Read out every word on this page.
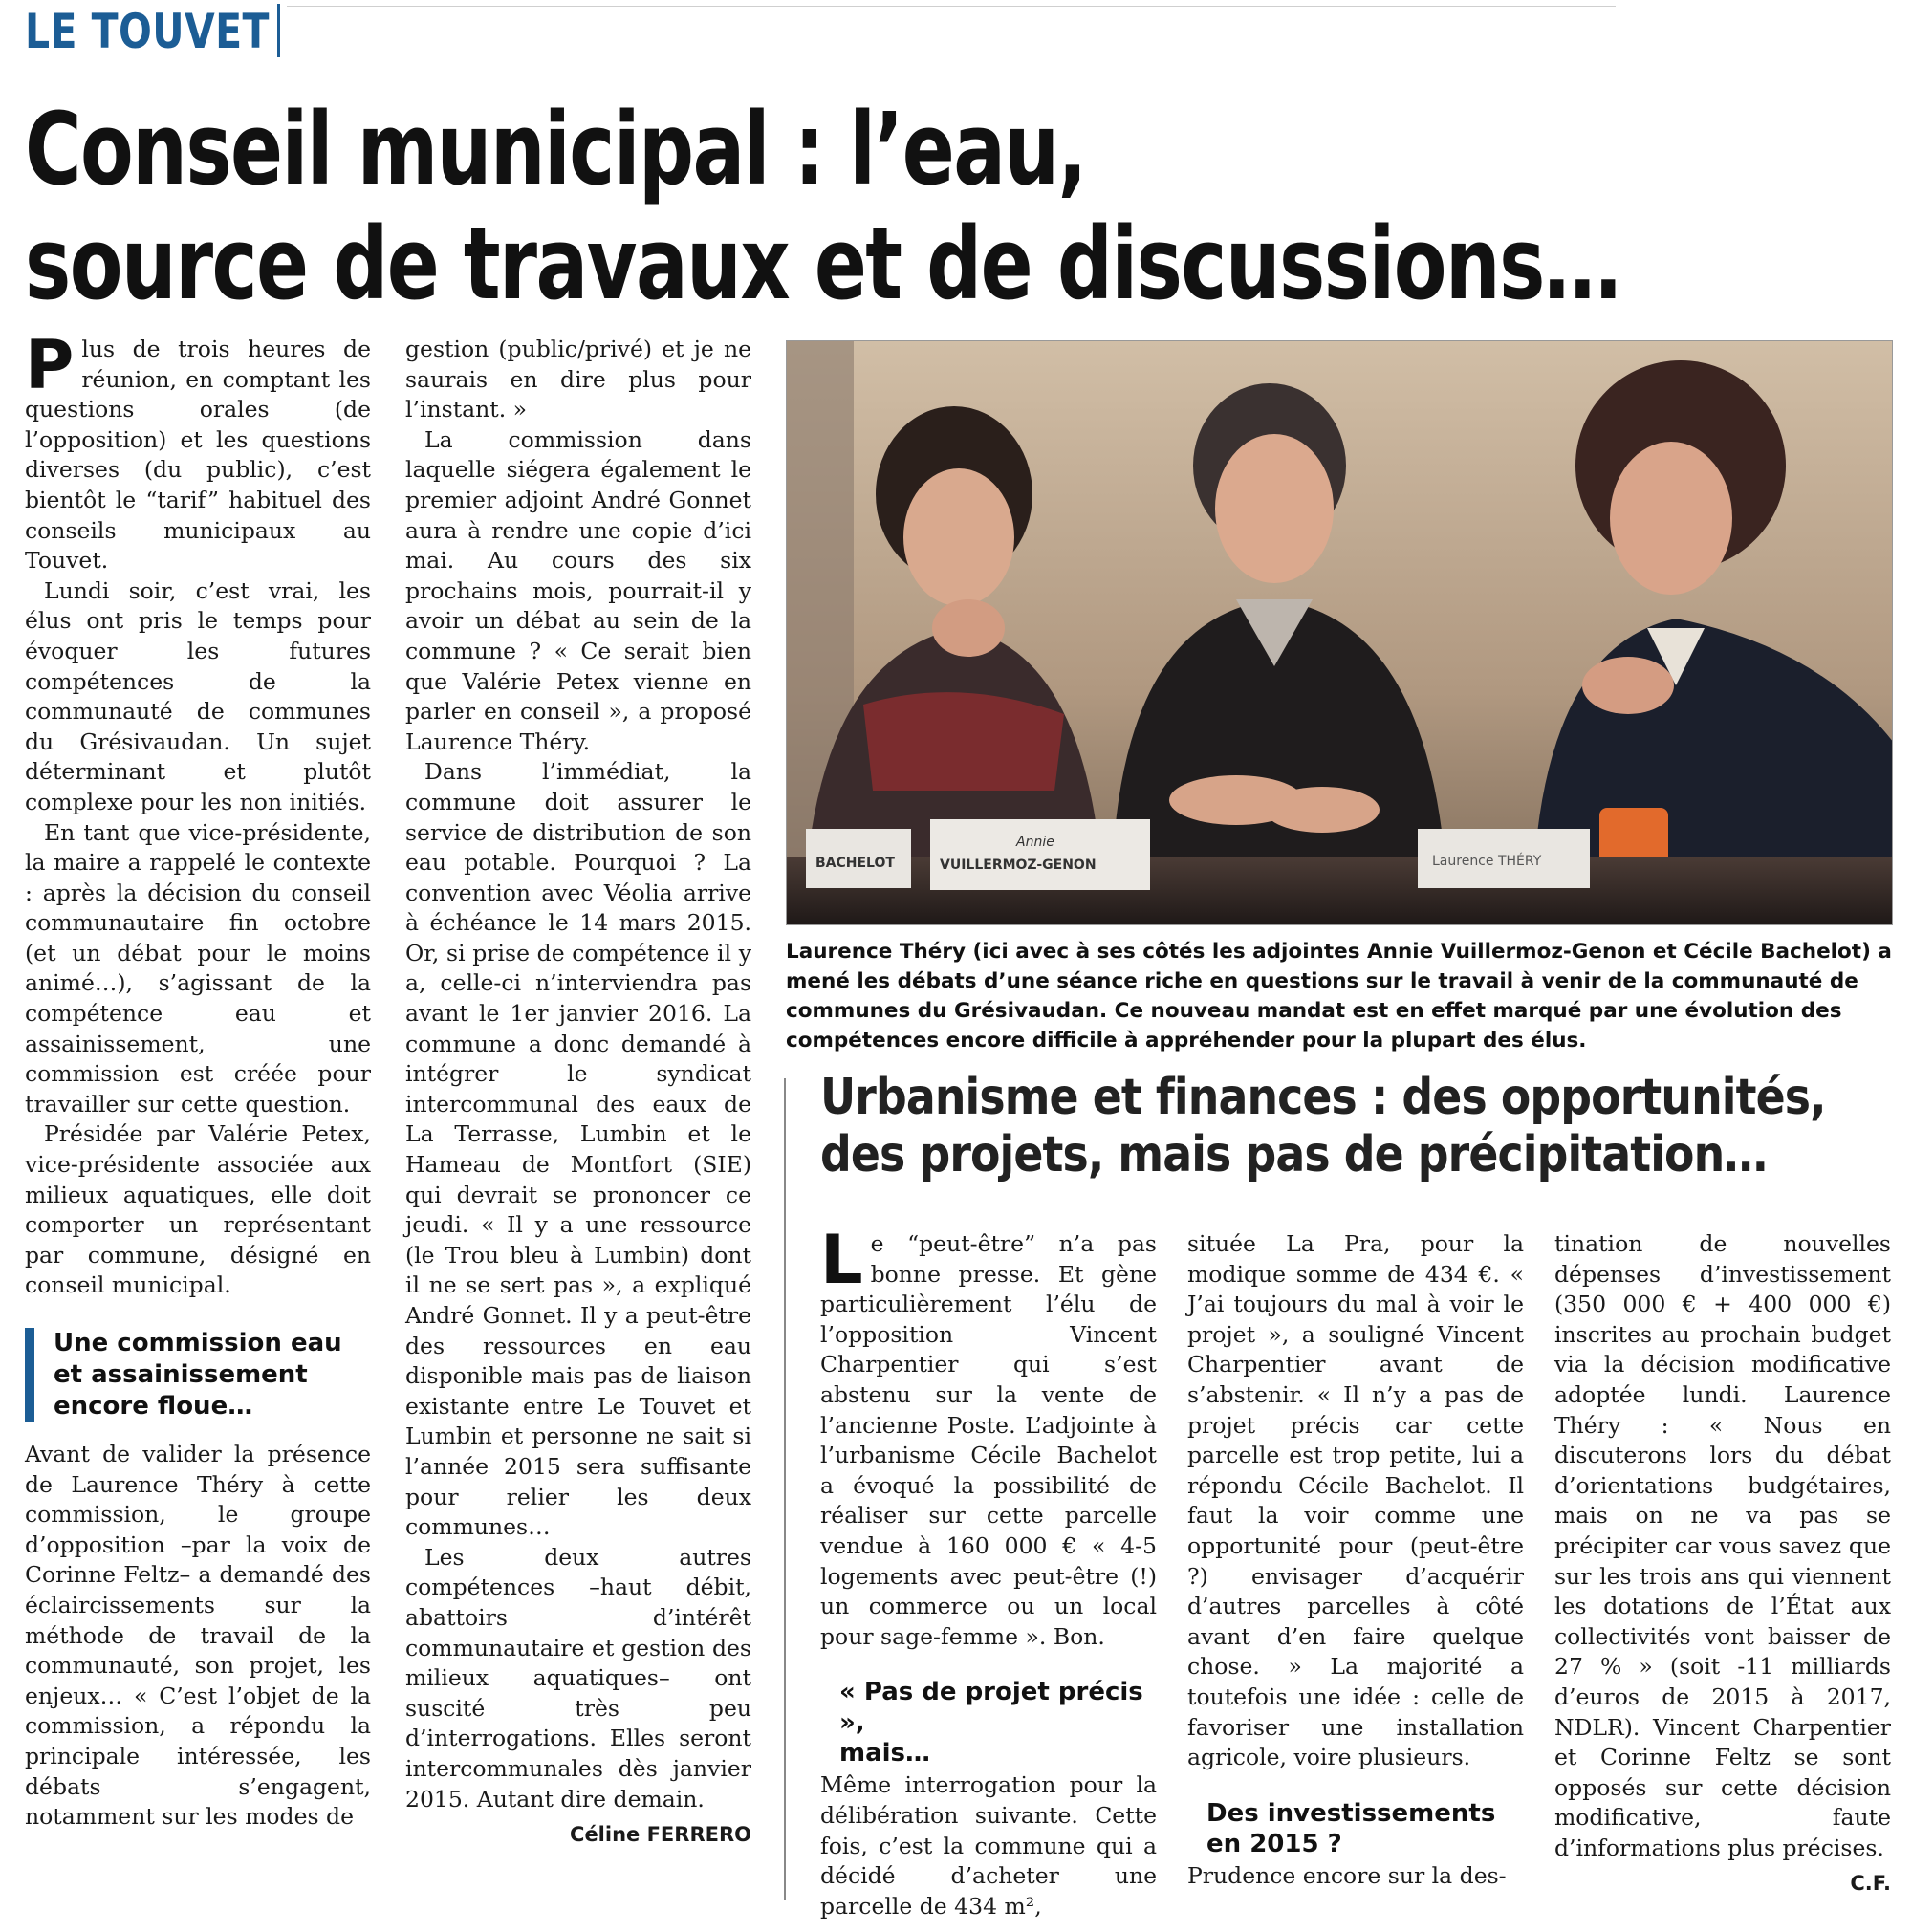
LE TOUVET
Conseil municipal : l’eau,
source de travaux et de discussions…

Plus de trois heures de réunion, en comptant les questions orales (de l’opposition) et les questions diverses (du public), c’est bientôt le “tarif” habituel des conseils municipaux au Touvet.

Lundi soir, c’est vrai, les élus ont pris le temps pour évoquer les futures compétences de la communauté de communes du Grésivaudan. Un sujet déterminant et plutôt complexe pour les non initiés.

En tant que vice-présidente, la maire a rappelé le contexte : après la décision du conseil communautaire fin octobre (et un débat pour le moins animé…), s’agissant de la compétence eau et assainissement, une commission est créée pour travailler sur cette question.

Présidée par Valérie Petex, vice-présidente associée aux milieux aquatiques, elle doit comporter un représentant par commune, désigné en conseil municipal.

Une commission eau
et assainissement
encore floue…

Avant de valider la présence de Laurence Théry à cette commission, le groupe d’opposition –par la voix de Corinne Feltz– a demandé des éclaircissements sur la méthode de travail de la communauté, son projet, les enjeux… « C’est l’objet de la commission, a répondu la principale intéressée, les débats s’engagent, notamment sur les modes de

gestion (public/privé) et je ne saurais en dire plus pour l’instant. »

La commission dans laquelle siégera également le premier adjoint André Gonnet aura à rendre une copie d’ici mai. Au cours des six prochains mois, pourrait-il y avoir un débat au sein de la commune ? « Ce serait bien que Valérie Petex vienne en parler en conseil », a proposé Laurence Théry.

Dans l’immédiat, la commune doit assurer le service de distribution de son eau potable. Pourquoi ? La convention avec Véolia arrive à échéance le 14 mars 2015. Or, si prise de compétence il y a, celle-ci n’interviendra pas avant le 1er janvier 2016. La commune a donc demandé à intégrer le syndicat intercommunal des eaux de La Terrasse, Lumbin et le Hameau de Montfort (SIE) qui devrait se prononcer ce jeudi. « Il y a une ressource (le Trou bleu à Lumbin) dont il ne se sert pas », a expliqué André Gonnet. Il y a peut-être des ressources en eau disponible mais pas de liaison existante entre Le Touvet et Lumbin et personne ne sait si l’année 2015 sera suffisante pour relier les deux communes…

Les deux autres compétences –haut débit, abattoirs d’intérêt communautaire et gestion des milieux aquatiques– ont suscité très peu d’interrogations. Elles seront intercommunales dès janvier 2015. Autant dire demain.

Céline FERRERO
BACHELOT
Annie
VUILLERMOZ-GENON	Laurence THÉRY
Laurence Théry (ici avec à ses côtés les adjointes Annie Vuillermoz-Genon et Cécile Bachelot) a mené les débats d’une séance riche en questions sur le travail à venir de la communauté de communes du Grésivaudan. Ce nouveau mandat est en effet marqué par une évolution des compétences encore difficile à appréhender pour la plupart des élus.
Urbanisme et finances : des opportunités,
des projets, mais pas de précipitation…

Le “peut-être” n’a pas bonne presse. Et gène particulièrement l’élu de l’opposition Vincent Charpentier qui s’est abstenu sur la vente de l’ancienne Poste. L’adjointe à l’urbanisme Cécile Bachelot a évoqué la possibilité de réaliser sur cette parcelle vendue à 160 000 € « 4-5 logements avec peut-être (!) un commerce ou un local pour sage-femme ». Bon.

« Pas de projet précis »,
mais…

Même interrogation pour la délibération suivante. Cette fois, c’est la commune qui a décidé d’acheter une parcelle de 434 m²,

située La Pra, pour la modique somme de 434 €. « J’ai toujours du mal à voir le projet », a souligné Vincent Charpentier avant de s’abstenir. « Il n’y a pas de projet précis car cette parcelle est trop petite, lui a répondu Cécile Bachelot. Il faut la voir comme une opportunité pour (peut-être ?) envisager d’acquérir d’autres parcelles à côté avant d’en faire quelque chose. » La majorité a toutefois une idée : celle de favoriser une installation agricole, voire plusieurs.

Des investissements
en 2015 ?

Prudence encore sur la des-

tination de nouvelles dépenses d’investissement (350 000 € + 400 000 €) inscrites au prochain budget via la décision modificative adoptée lundi. Laurence Théry : « Nous en discuterons lors du débat d’orientations budgétaires, mais on ne va pas se précipiter car vous savez que sur les trois ans qui viennent les dotations de l’État aux collectivités vont baisser de 27 % » (soit -11 milliards d’euros de 2015 à 2017, NDLR). Vincent Charpentier et Corinne Feltz se sont opposés sur cette décision modificative, faute d’informations plus précises.

C.F.
